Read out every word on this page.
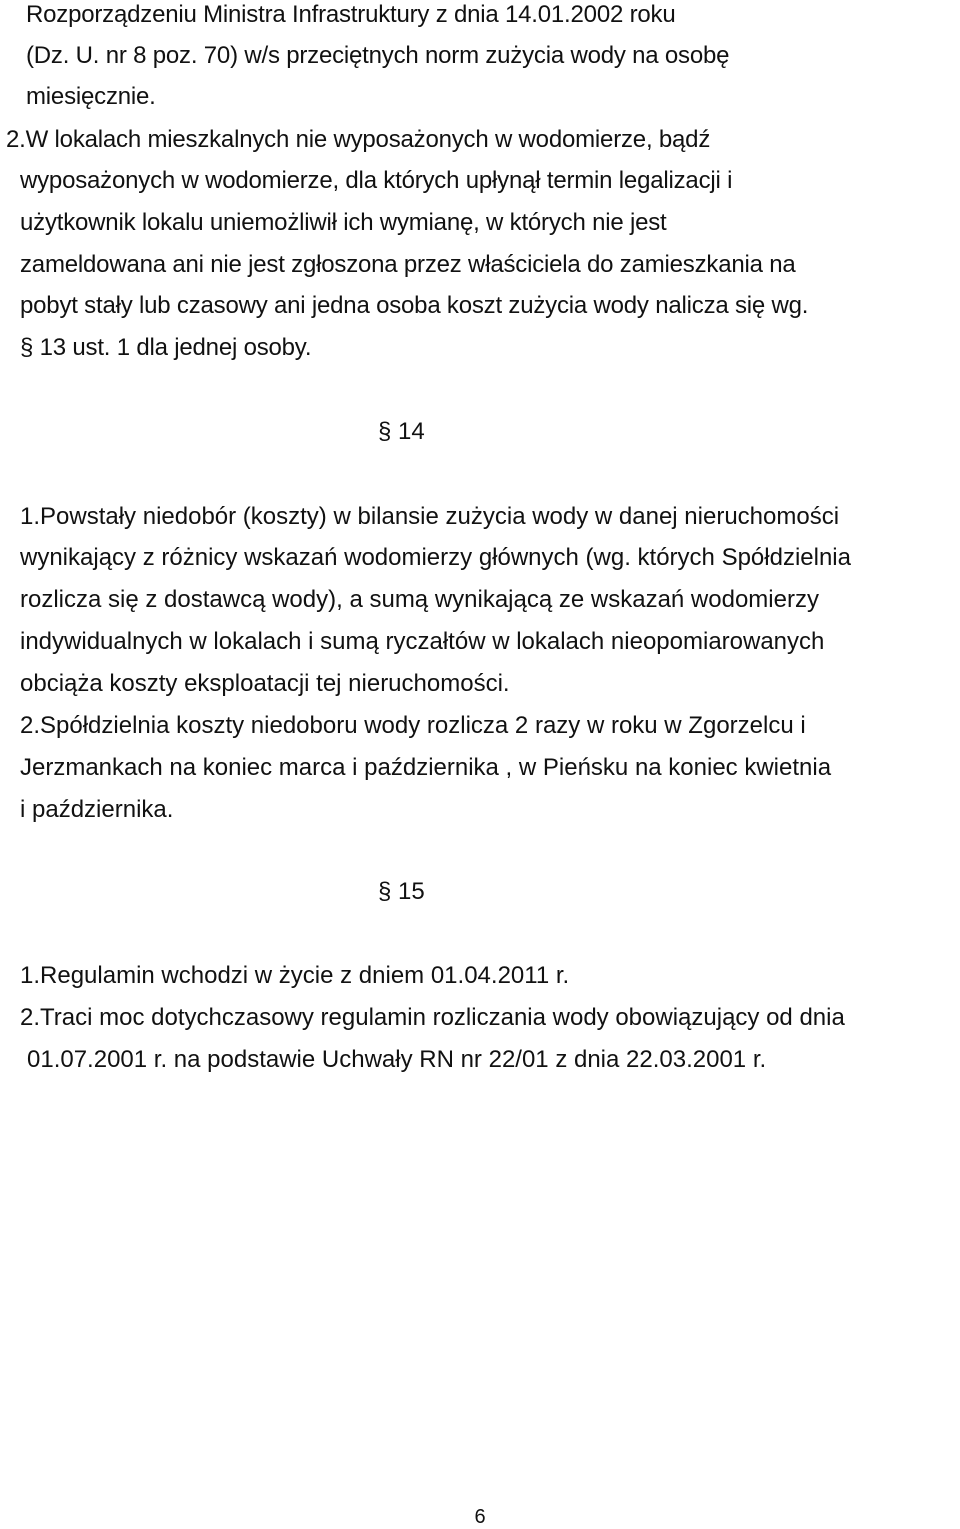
Rozporządzeniu Ministra Infrastruktury z dnia 14.01.2002 roku
(Dz. U. nr 8 poz. 70) w/s przeciętnych norm zużycia wody na osobę
miesięcznie.
2.W lokalach mieszkalnych nie wyposażonych w wodomierze, bądź
wyposażonych w wodomierze, dla których upłynął termin legalizacji i
użytkownik lokalu uniemożliwił ich wymianę, w których nie jest
zameldowana ani nie jest zgłoszona przez właściciela do zamieszkania na
pobyt stały lub czasowy ani jedna osoba koszt zużycia wody nalicza się wg.
§ 13 ust. 1 dla jednej osoby.
§ 14
1.Powstały niedobór (koszty) w bilansie zużycia wody w danej nieruchomości
wynikający z różnicy wskazań wodomierzy głównych (wg. których Spółdzielnia
rozlicza się z dostawcą wody), a sumą wynikającą ze wskazań wodomierzy
indywidualnych w lokalach i sumą ryczałtów w lokalach nieopomiarowanych
obciąża koszty eksploatacji tej nieruchomości.
2.Spółdzielnia koszty niedoboru wody rozlicza 2 razy w roku w Zgorzelcu i
Jerzmankach na koniec marca i października , w Pieńsku na koniec kwietnia
i października.
§ 15
1.Regulamin wchodzi w życie z dniem 01.04.2011 r.
2.Traci moc dotychczasowy regulamin rozliczania wody obowiązujący od dnia
01.07.2001 r. na podstawie Uchwały RN nr 22/01 z dnia 22.03.2001 r.
6
